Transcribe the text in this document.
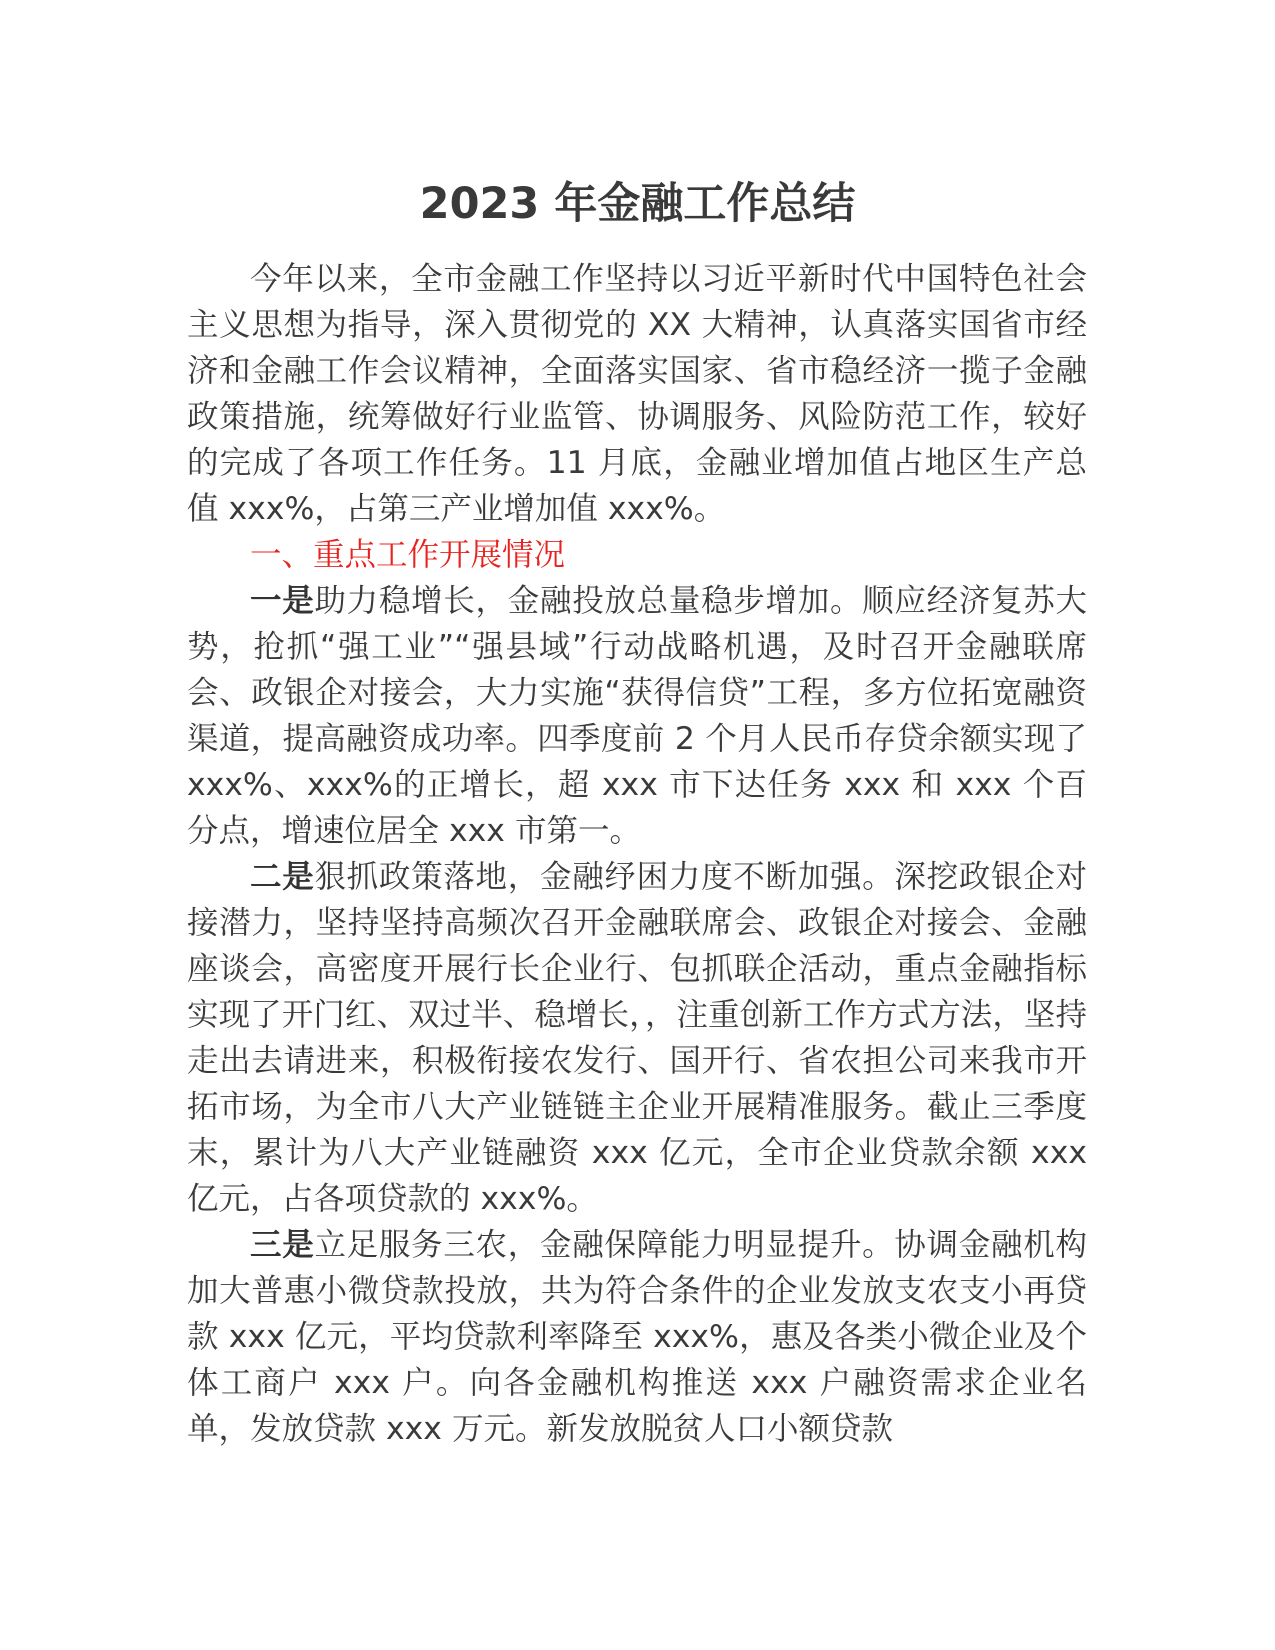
2023 年金融工作总结

今年以来，全市金融工作坚持以习近平新时代中国特色社会主义思想为指导，深入贯彻党的 XX 大精神，认真落实国省市经济和金融工作会议精神，全面落实国家、省市稳经济一揽子金融政策措施，统筹做好行业监管、协调服务、风险防范工作，较好的完成了各项工作任务。11 月底，金融业增加值占地区生产总值 xxx%，占第三产业增加值 xxx%。

一、重点工作开展情况

一是助力稳增长，金融投放总量稳步增加。顺应经济复苏大势，抢抓“强工业”“强县域”行动战略机遇，及时召开金融联席会、政银企对接会，大力实施“获得信贷”工程，多方位拓宽融资渠道，提高融资成功率。四季度前 2 个月人民币存贷余额实现了 xxx%、xxx%的正增长，超 xxx 市下达任务 xxx 和 xxx 个百分点，增速位居全 xxx 市第一。

二是狠抓政策落地，金融纾困力度不断加强。深挖政银企对接潜力，坚持坚持高频次召开金融联席会、政银企对接会、金融座谈会，高密度开展行长企业行、包抓联企活动，重点金融指标实现了开门红、双过半、稳增长，，注重创新工作方式方法，坚持走出去请进来，积极衔接农发行、国开行、省农担公司来我市开拓市场，为全市八大产业链链主企业开展精准服务。截止三季度末，累计为八大产业链融资 xxx 亿元，全市企业贷款余额 xxx 亿元，占各项贷款的 xxx%。

三是立足服务三农，金融保障能力明显提升。协调金融机构加大普惠小微贷款投放，共为符合条件的企业发放支农支小再贷款 xxx 亿元，平均贷款利率降至 xxx%，惠及各类小微企业及个体工商户 xxx 户。向各金融机构推送 xxx 户融资需求企业名单，发放贷款 xxx 万元。新发放脱贫人口小额贷款
